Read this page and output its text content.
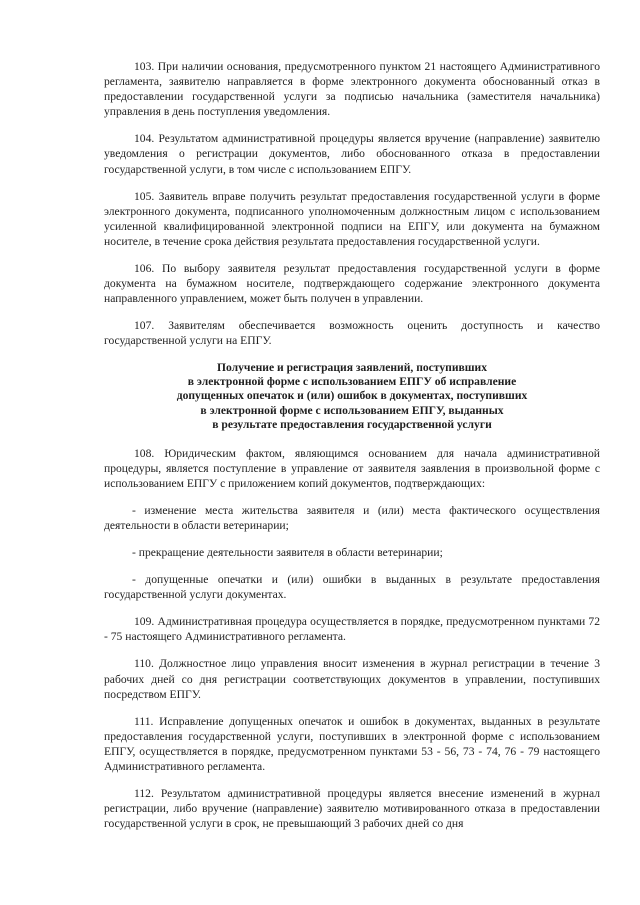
103. При наличии основания, предусмотренного пунктом 21 настоящего Административного регламента, заявителю направляется в форме электронного документа обоснованный отказ в предоставлении государственной услуги за подписью начальника (заместителя начальника) управления в день поступления уведомления.

104. Результатом административной процедуры является вручение (направление) заявителю уведомления о регистрации документов, либо обоснованного отказа в предоставлении государственной услуги, в том числе с использованием ЕПГУ.

105. Заявитель вправе получить результат предоставления государственной услуги в форме электронного документа, подписанного уполномоченным должностным лицом с использованием усиленной квалифицированной электронной подписи на ЕПГУ, или документа на бумажном носителе, в течение срока действия результата предоставления государственной услуги.

106. По выбору заявителя результат предоставления государственной услуги в форме документа на бумажном носителе, подтверждающего содержание электронного документа направленного управлением, может быть получен в управлении.

107. Заявителям обеспечивается возможность оценить доступность и качество государственной услуги на ЕПГУ.

Получение и регистрация заявлений, поступивших
в электронной форме с использованием ЕПГУ об исправление
допущенных опечаток и (или) ошибок в документах, поступивших
в электронной форме с использованием ЕПГУ, выданных
в результате предоставления государственной услуги

108. Юридическим фактом, являющимся основанием для начала административной процедуры, является поступление в управление от заявителя заявления в произвольной форме с использованием ЕПГУ с приложением копий документов, подтверждающих:

- изменение места жительства заявителя и (или) места фактического осуществления деятельности в области ветеринарии;

- прекращение деятельности заявителя в области ветеринарии;

- допущенные опечатки и (или) ошибки в выданных в результате предоставления государственной услуги документах.

109. Административная процедура осуществляется в порядке, предусмотренном пунктами 72 - 75 настоящего Административного регламента.

110. Должностное лицо управления вносит изменения в журнал регистрации в течение 3 рабочих дней со дня регистрации соответствующих документов в управлении, поступивших посредством ЕПГУ.

111. Исправление допущенных опечаток и ошибок в документах, выданных в результате предоставления государственной услуги, поступивших в электронной форме с использованием ЕПГУ, осуществляется в порядке, предусмотренном пунктами 53 - 56, 73 - 74, 76 - 79 настоящего Административного регламента.

112. Результатом административной процедуры является внесение изменений в журнал регистрации, либо вручение (направление) заявителю мотивированного отказа в предоставлении государственной услуги в срок, не превышающий 3 рабочих дней со дня
